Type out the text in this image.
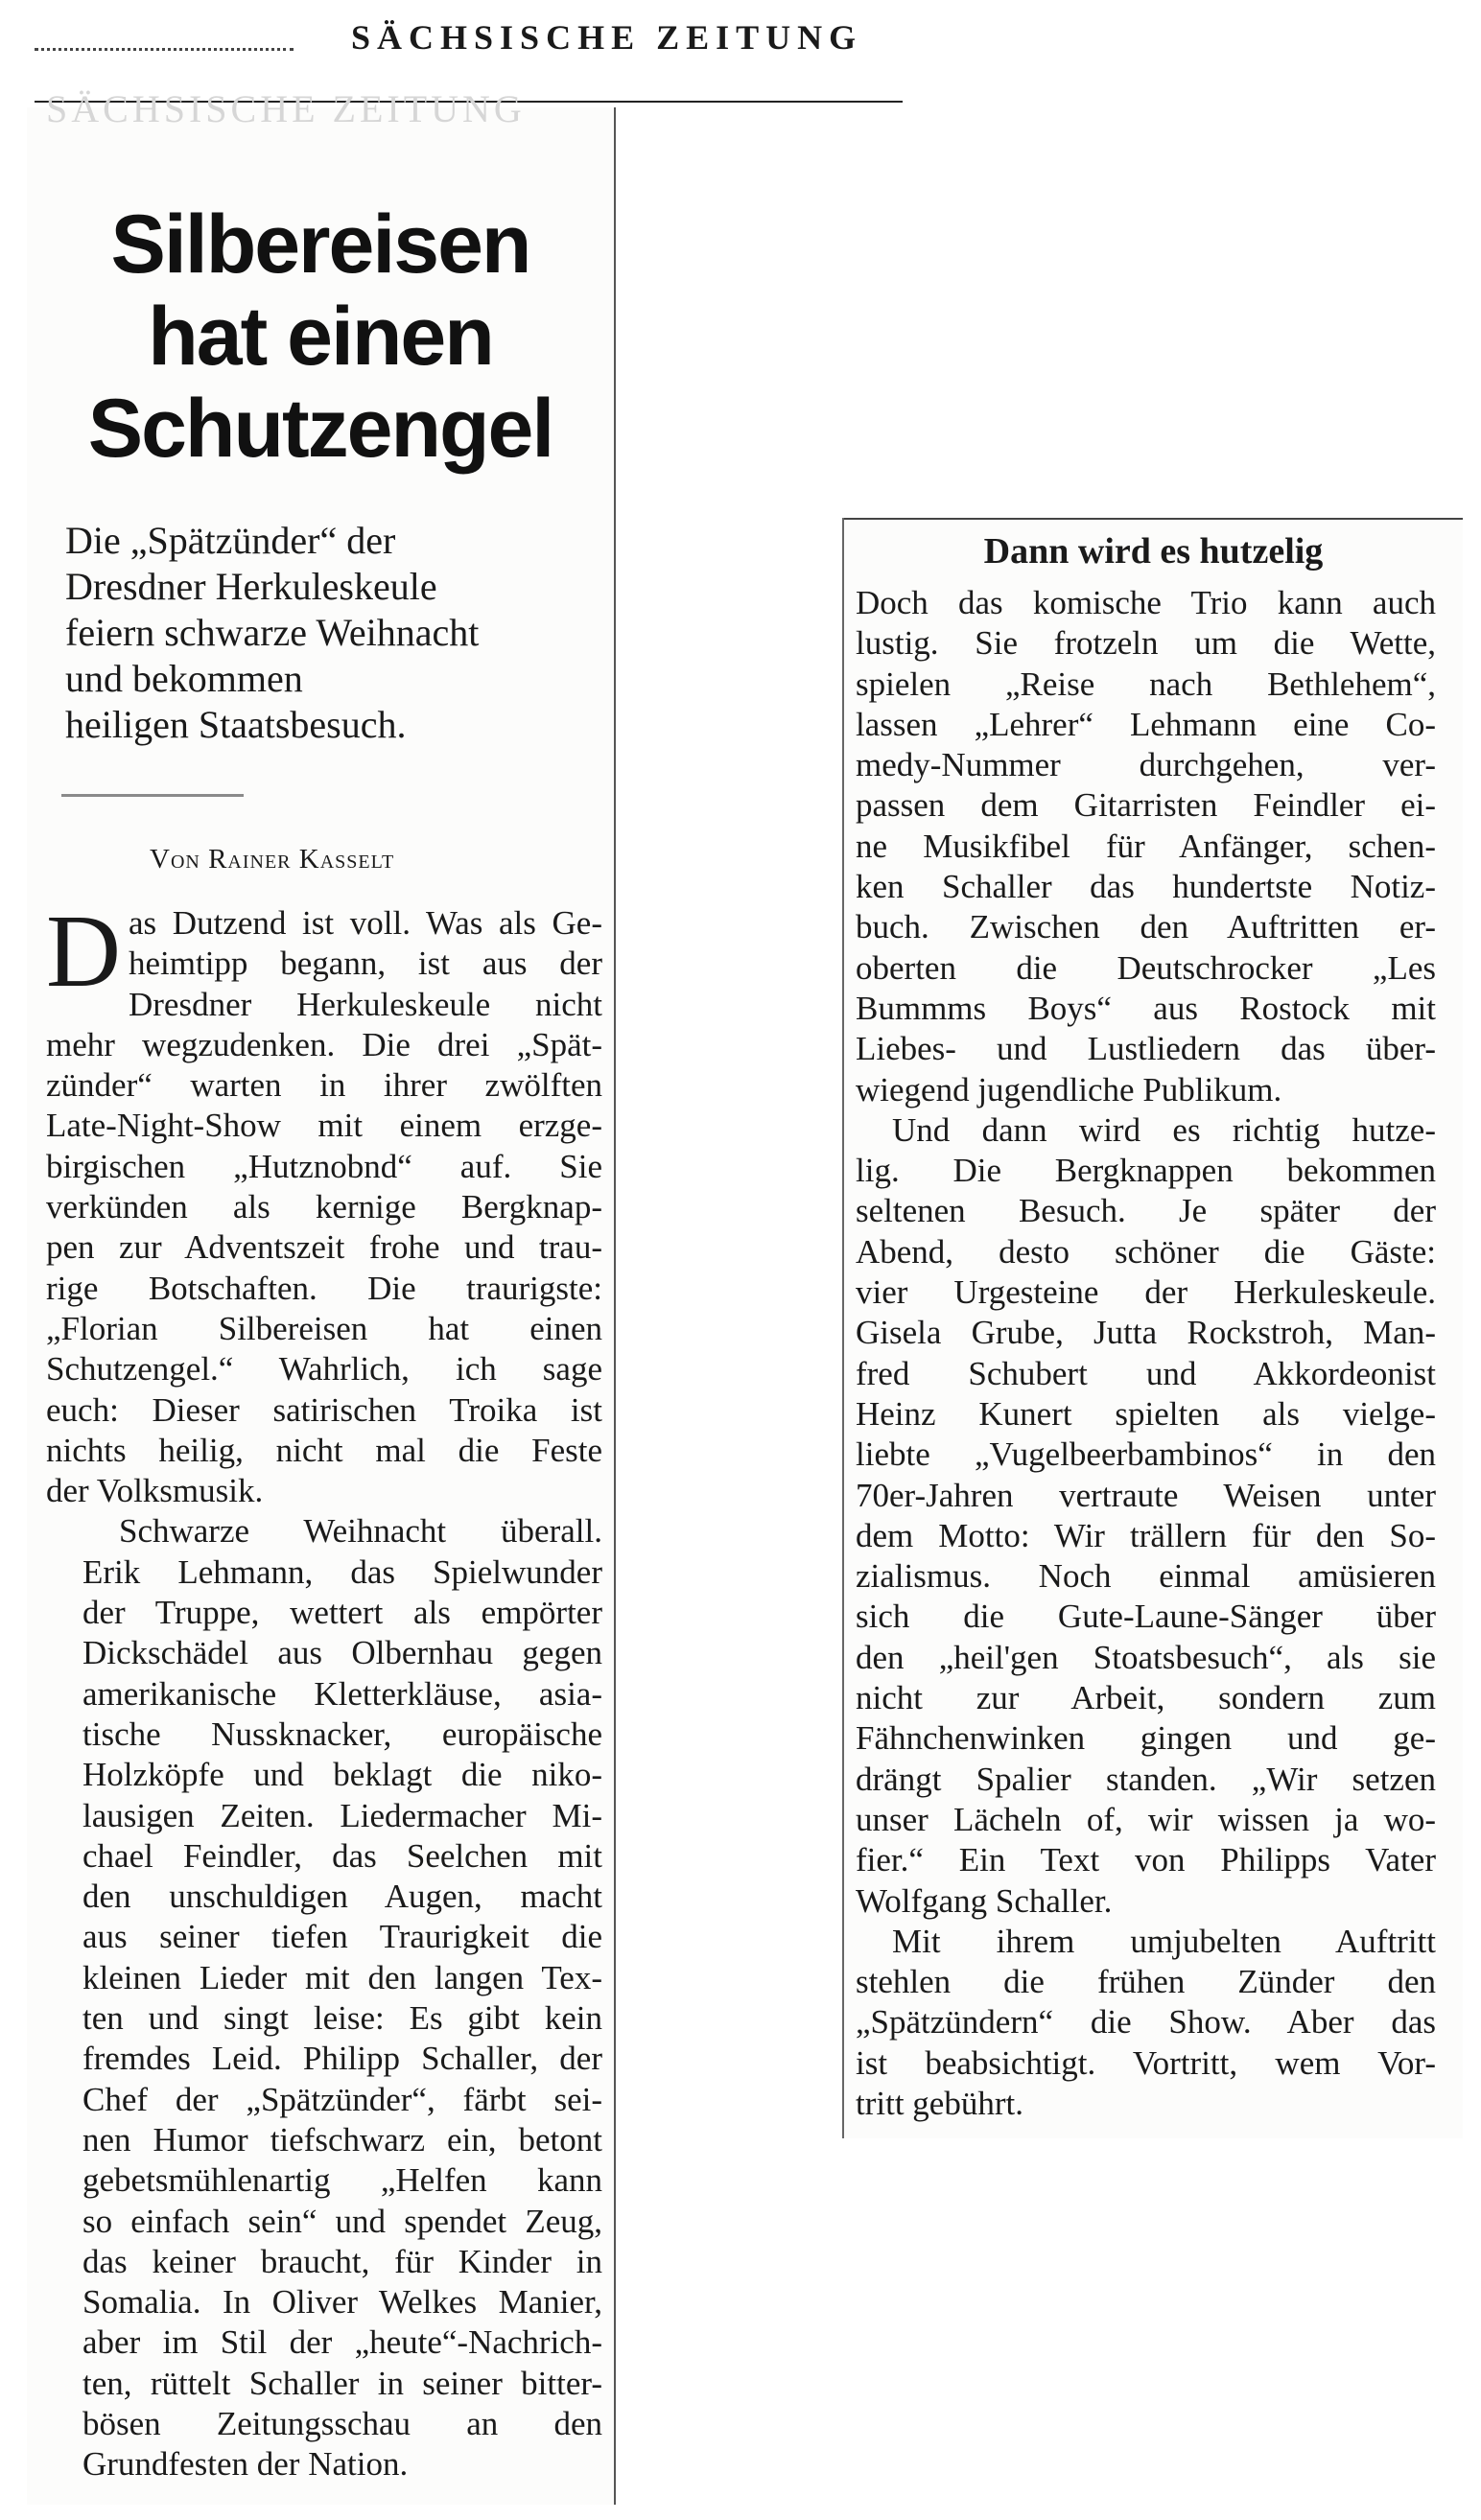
SÄCHSISCHE ZEITUNG
SÄCHSISCHE ZEITUNG
Silbereisen
hat einen
Schutzengel
Die „Spätzünder“ der
Dresdner Herkuleskeule
feiern schwarze Weihnacht
und bekommen
heiligen Staatsbesuch.
Von Rainer Kasselt
D as Dutzend ist voll. Was als Ge-
heimtipp begann, ist aus der
Dresdner Herkuleskeule nicht
mehr wegzudenken. Die drei „Spät-
zünder“ warten in ihrer zwölften
Late-Night-Show mit einem erzge-
birgischen „Hutznobnd“ auf. Sie
verkünden als kernige Bergknap-
pen zur Adventszeit frohe und trau-
rige Botschaften. Die traurigste:
„Florian Silbereisen hat einen
Schutzengel.“ Wahrlich, ich sage
euch: Dieser satirischen Troika ist
nichts heilig, nicht mal die Feste
der Volksmusik.
Schwarze Weihnacht überall.
Erik Lehmann, das Spielwunder
der Truppe, wettert als empörter
Dickschädel aus Olbernhau gegen
amerikanische Kletterkläuse, asia-
tische Nussknacker, europäische
Holzköpfe und beklagt die niko-
lausigen Zeiten. Liedermacher Mi-
chael Feindler, das Seelchen mit
den unschuldigen Augen, macht
aus seiner tiefen Traurigkeit die
kleinen Lieder mit den langen Tex-
ten und singt leise: Es gibt kein
fremdes Leid. Philipp Schaller, der
Chef der „Spätzünder“, färbt sei-
nen Humor tiefschwarz ein, betont
gebetsmühlenartig „Helfen kann
so einfach sein“ und spendet Zeug,
das keiner braucht, für Kinder in
Somalia. In Oliver Welkes Manier,
aber im Stil der „heute“-Nachrich-
ten, rüttelt Schaller in seiner bitter-
bösen Zeitungsschau an den
Grundfesten der Nation.
Dann wird es hutzelig
Doch das komische Trio kann auch
lustig. Sie frotzeln um die Wette,
spielen „Reise nach Bethlehem“,
lassen „Lehrer“ Lehmann eine Co-
medy-Nummer durchgehen, ver-
passen dem Gitarristen Feindler ei-
ne Musikfibel für Anfänger, schen-
ken Schaller das hundertste Notiz-
buch. Zwischen den Auftritten er-
oberten die Deutschrocker „Les
Bummms Boys“ aus Rostock mit
Liebes- und Lustliedern das über-
wiegend jugendliche Publikum.
Und dann wird es richtig hutze-
lig. Die Bergknappen bekommen
seltenen Besuch. Je später der
Abend, desto schöner die Gäste:
vier Urgesteine der Herkuleskeule.
Gisela Grube, Jutta Rockstroh, Man-
fred Schubert und Akkordeonist
Heinz Kunert spielten als vielge-
liebte „Vugelbeerbambinos“ in den
70er-Jahren vertraute Weisen unter
dem Motto: Wir trällern für den So-
zialismus. Noch einmal amüsieren
sich die Gute-Laune-Sänger über
den „heil'gen Stoatsbesuch“, als sie
nicht zur Arbeit, sondern zum
Fähnchenwinken gingen und ge-
drängt Spalier standen. „Wir setzen
unser Lächeln of, wir wissen ja wo-
fier.“ Ein Text von Philipps Vater
Wolfgang Schaller.
Mit ihrem umjubelten Auftritt
stehlen die frühen Zünder den
„Spätzündern“ die Show. Aber das
ist beabsichtigt. Vortritt, wem Vor-
tritt gebührt.
